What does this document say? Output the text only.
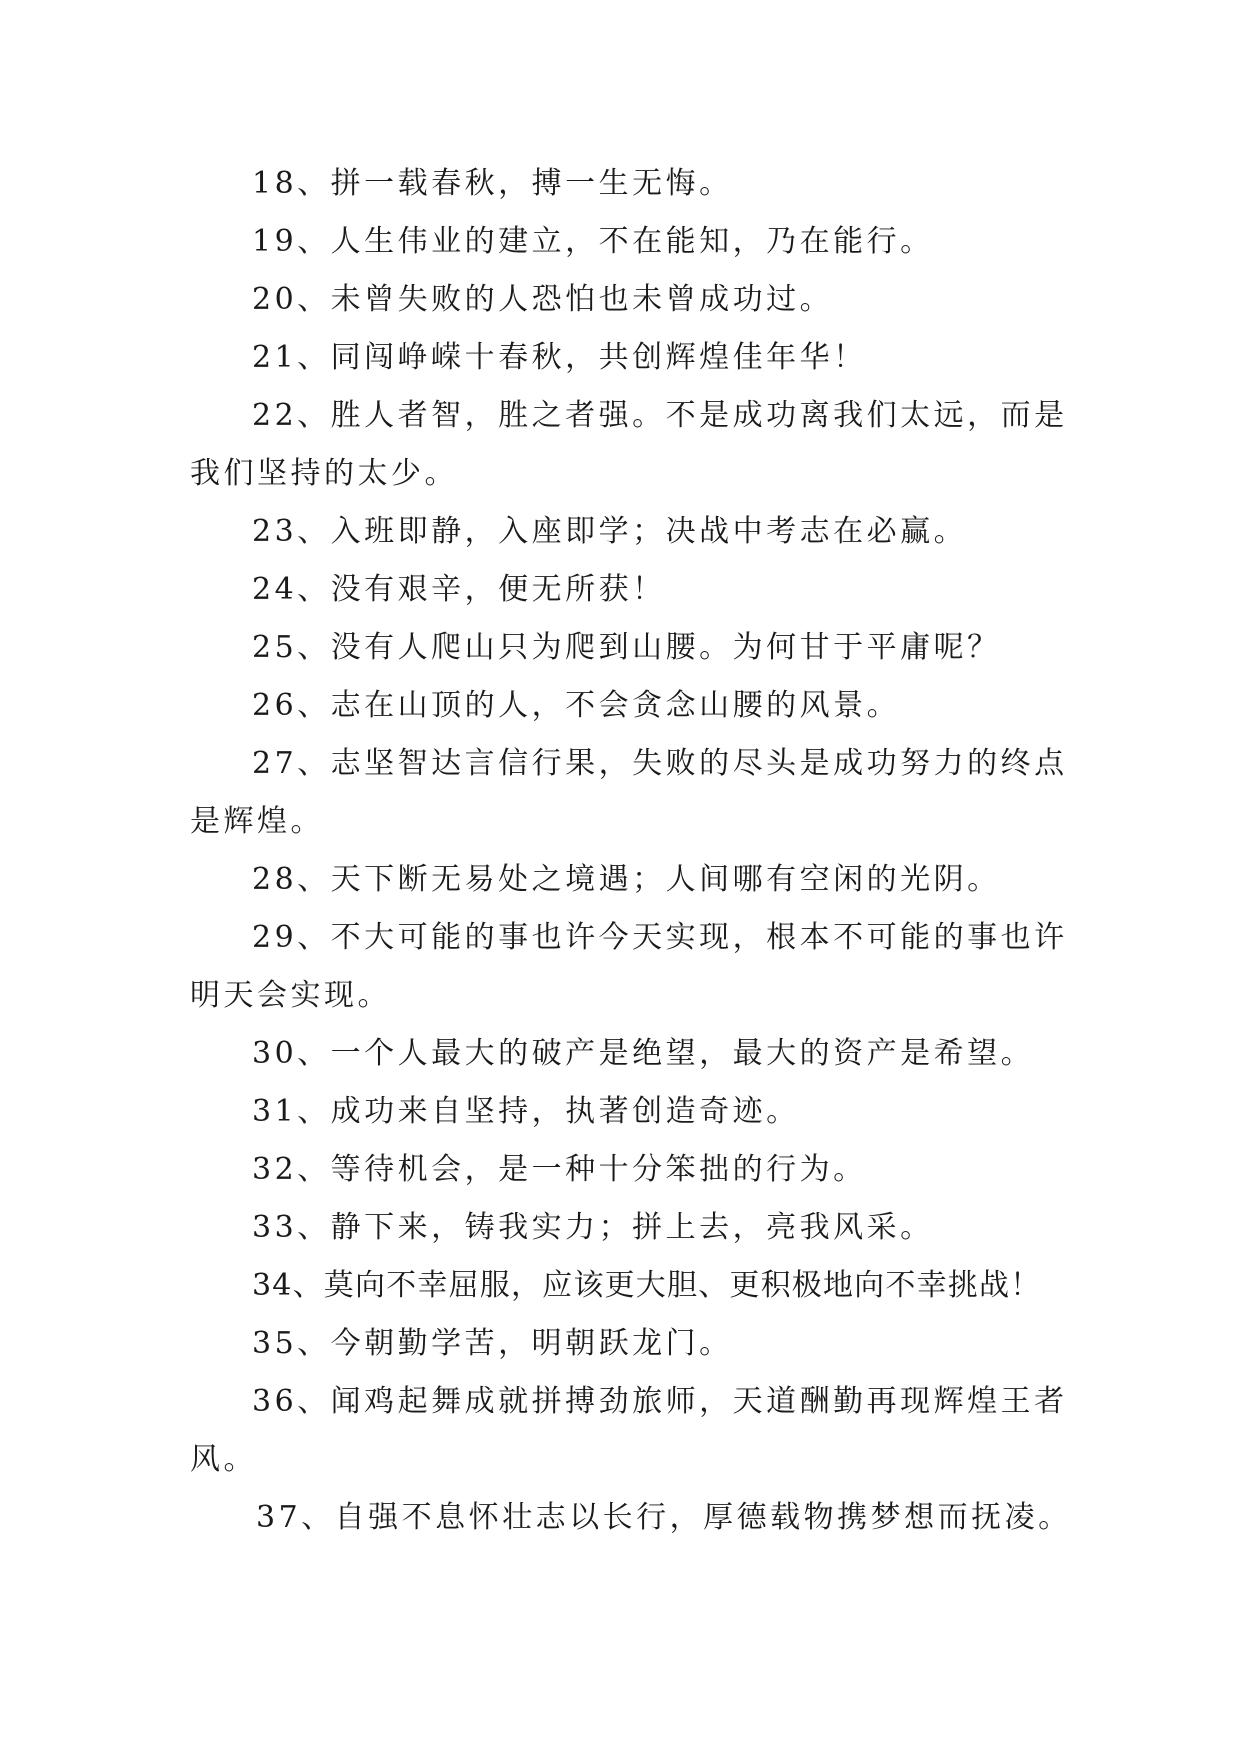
18、拼一载春秋，搏一生无悔。
19、人生伟业的建立，不在能知，乃在能行。
20、未曾失败的人恐怕也未曾成功过。
21、同闯峥嵘十春秋，共创辉煌佳年华！
22、胜人者智，胜之者强。不是成功离我们太远，而是
我们坚持的太少。
23、入班即静，入座即学；决战中考志在必赢。
24、没有艰辛，便无所获！
25、没有人爬山只为爬到山腰。为何甘于平庸呢？
26、志在山顶的人，不会贪念山腰的风景。
27、志坚智达言信行果，失败的尽头是成功努力的终点
是辉煌。
28、天下断无易处之境遇；人间哪有空闲的光阴。
29、不大可能的事也许今天实现，根本不可能的事也许
明天会实现。
30、一个人最大的破产是绝望，最大的资产是希望。
31、成功来自坚持，执著创造奇迹。
32、等待机会，是一种十分笨拙的行为。
33、静下来，铸我实力；拼上去，亮我风采。
34、莫向不幸屈服，应该更大胆、更积极地向不幸挑战！
35、今朝勤学苦，明朝跃龙门。
36、闻鸡起舞成就拼搏劲旅师，天道酬勤再现辉煌王者
风。
37、自强不息怀壮志以长行，厚德载物携梦想而抚凌。
